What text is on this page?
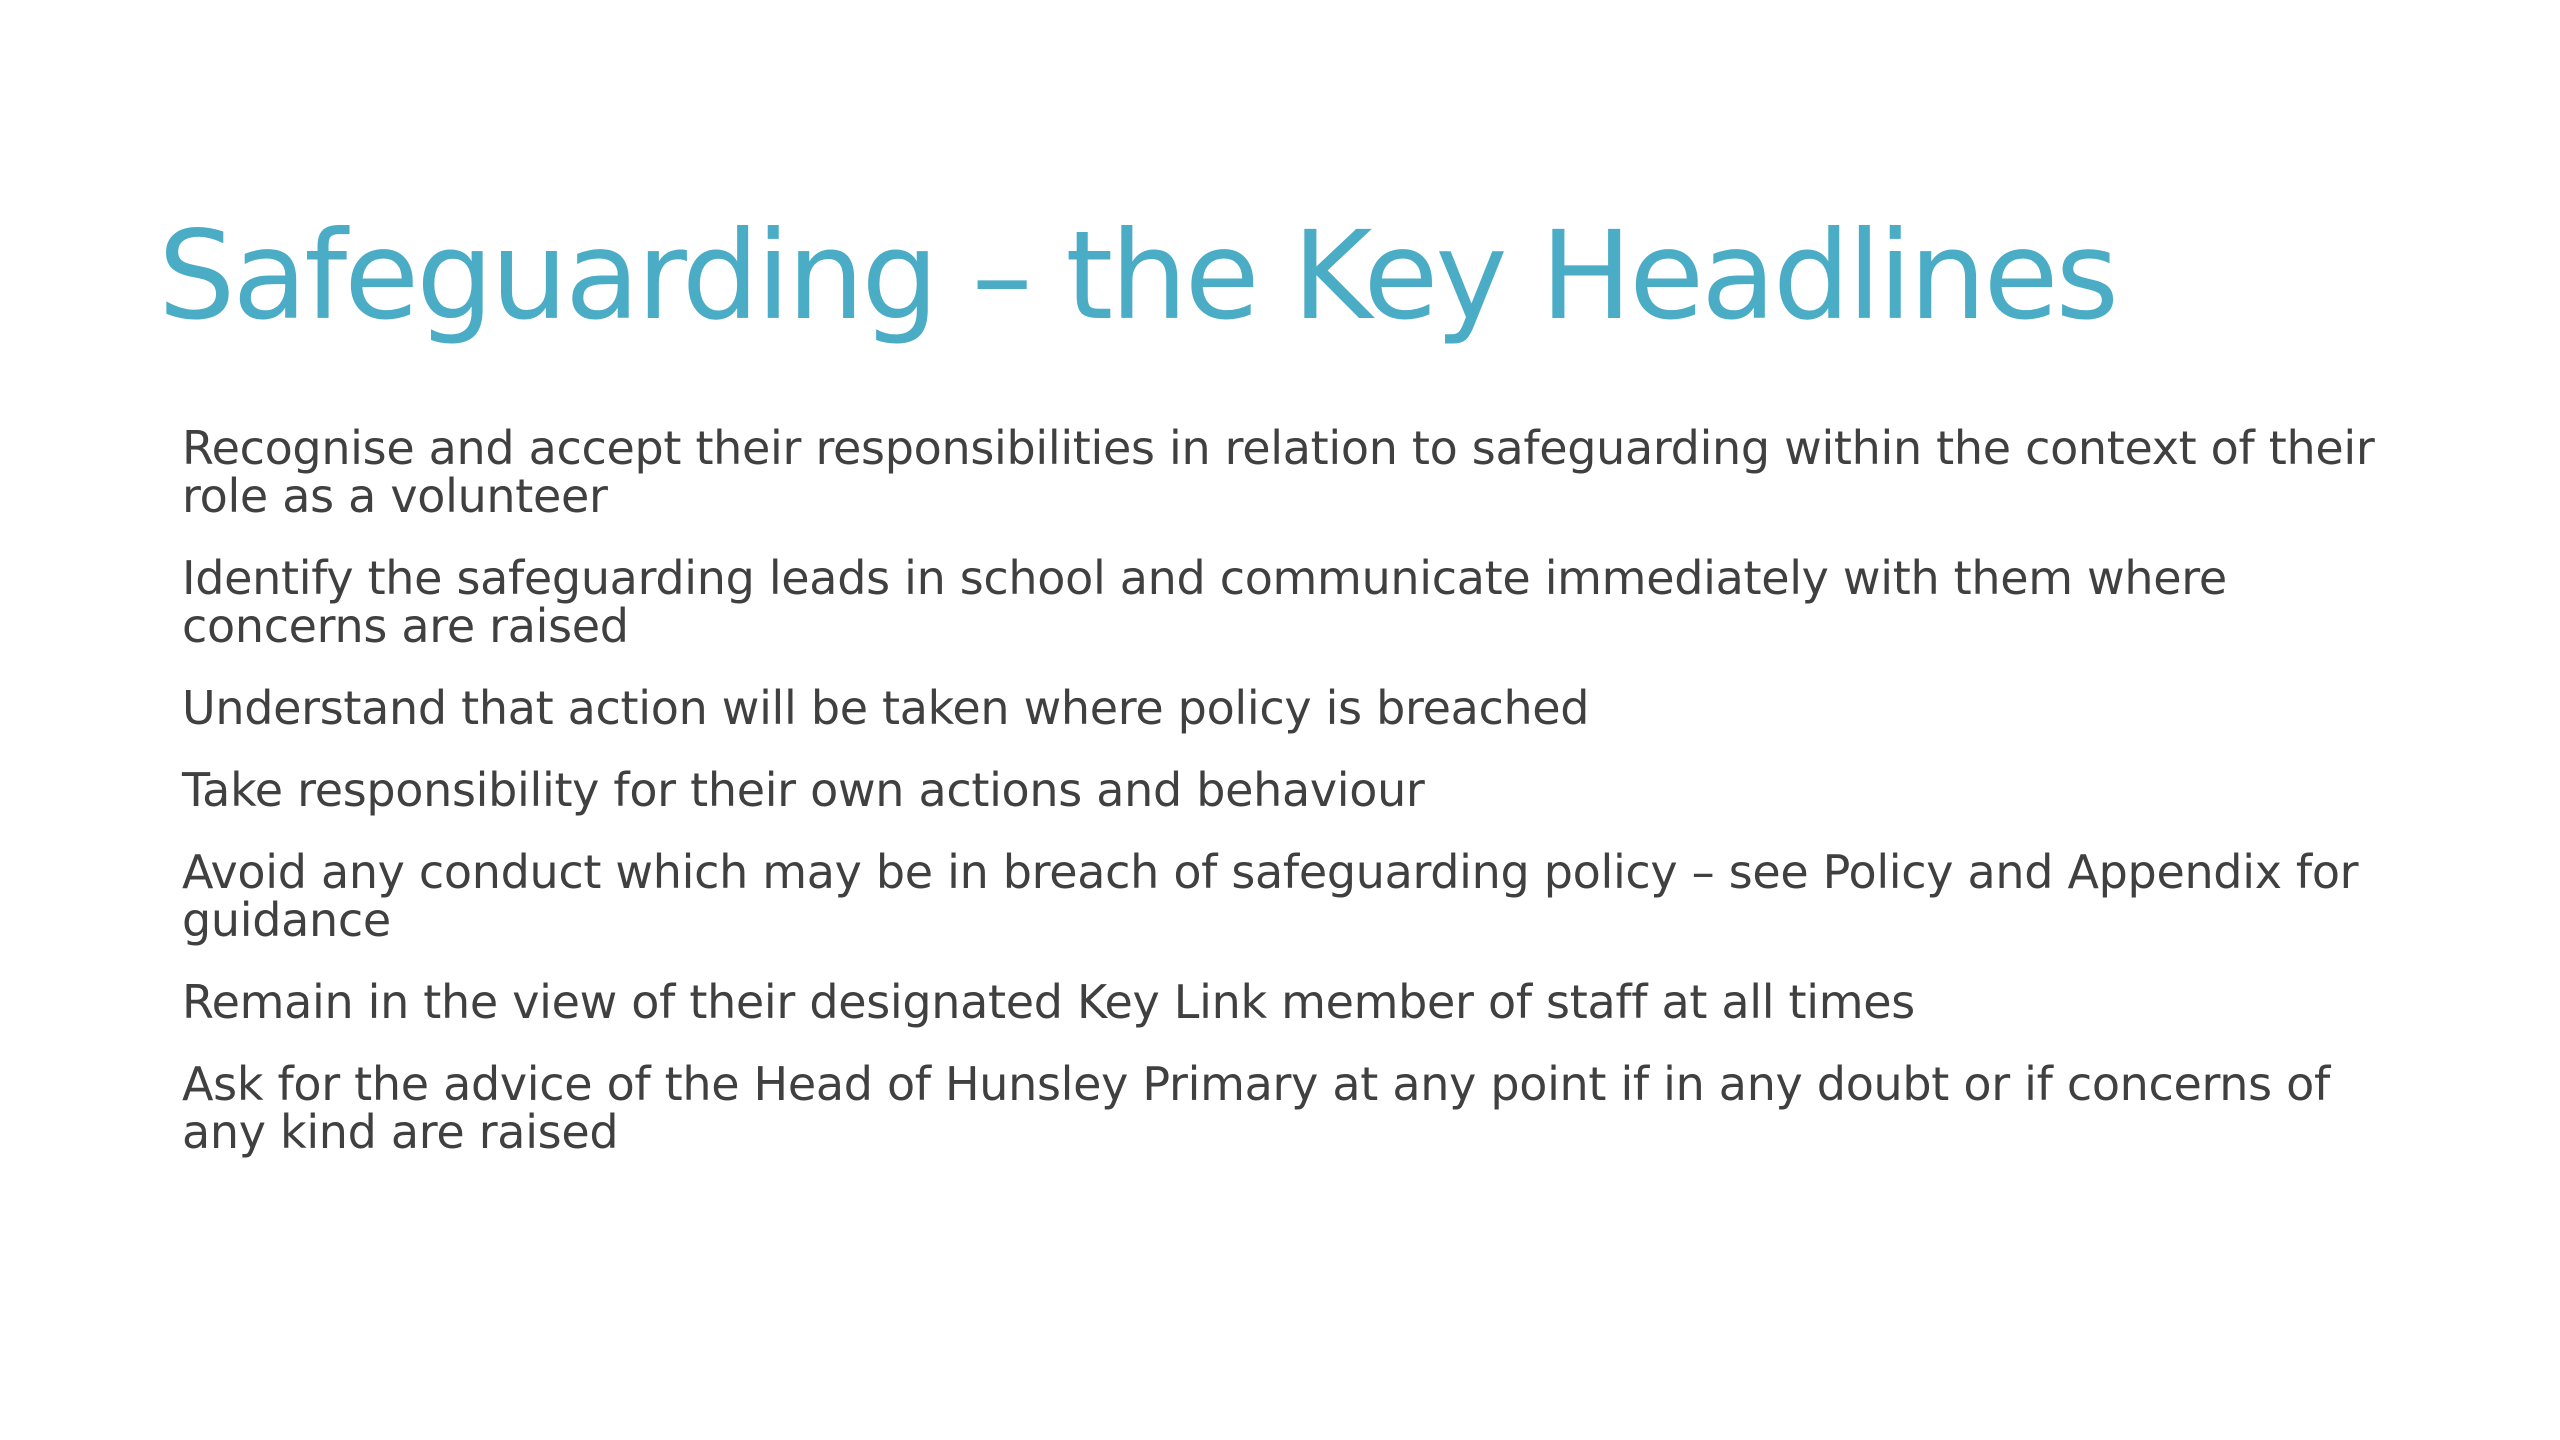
Safeguarding – the Key Headlines
Recognise and accept their responsibilities in relation to safeguarding within the context of their role as a volunteer
Identify the safeguarding leads in school and communicate immediately with them where concerns are raised
Understand that action will be taken where policy is breached
Take responsibility for their own actions and behaviour
Avoid any conduct which may be in breach of safeguarding policy – see Policy and Appendix for guidance
Remain in the view of their designated Key Link member of staff at all times
Ask for the advice of the Head of Hunsley Primary at any point if in any doubt or if concerns of any kind are raised
